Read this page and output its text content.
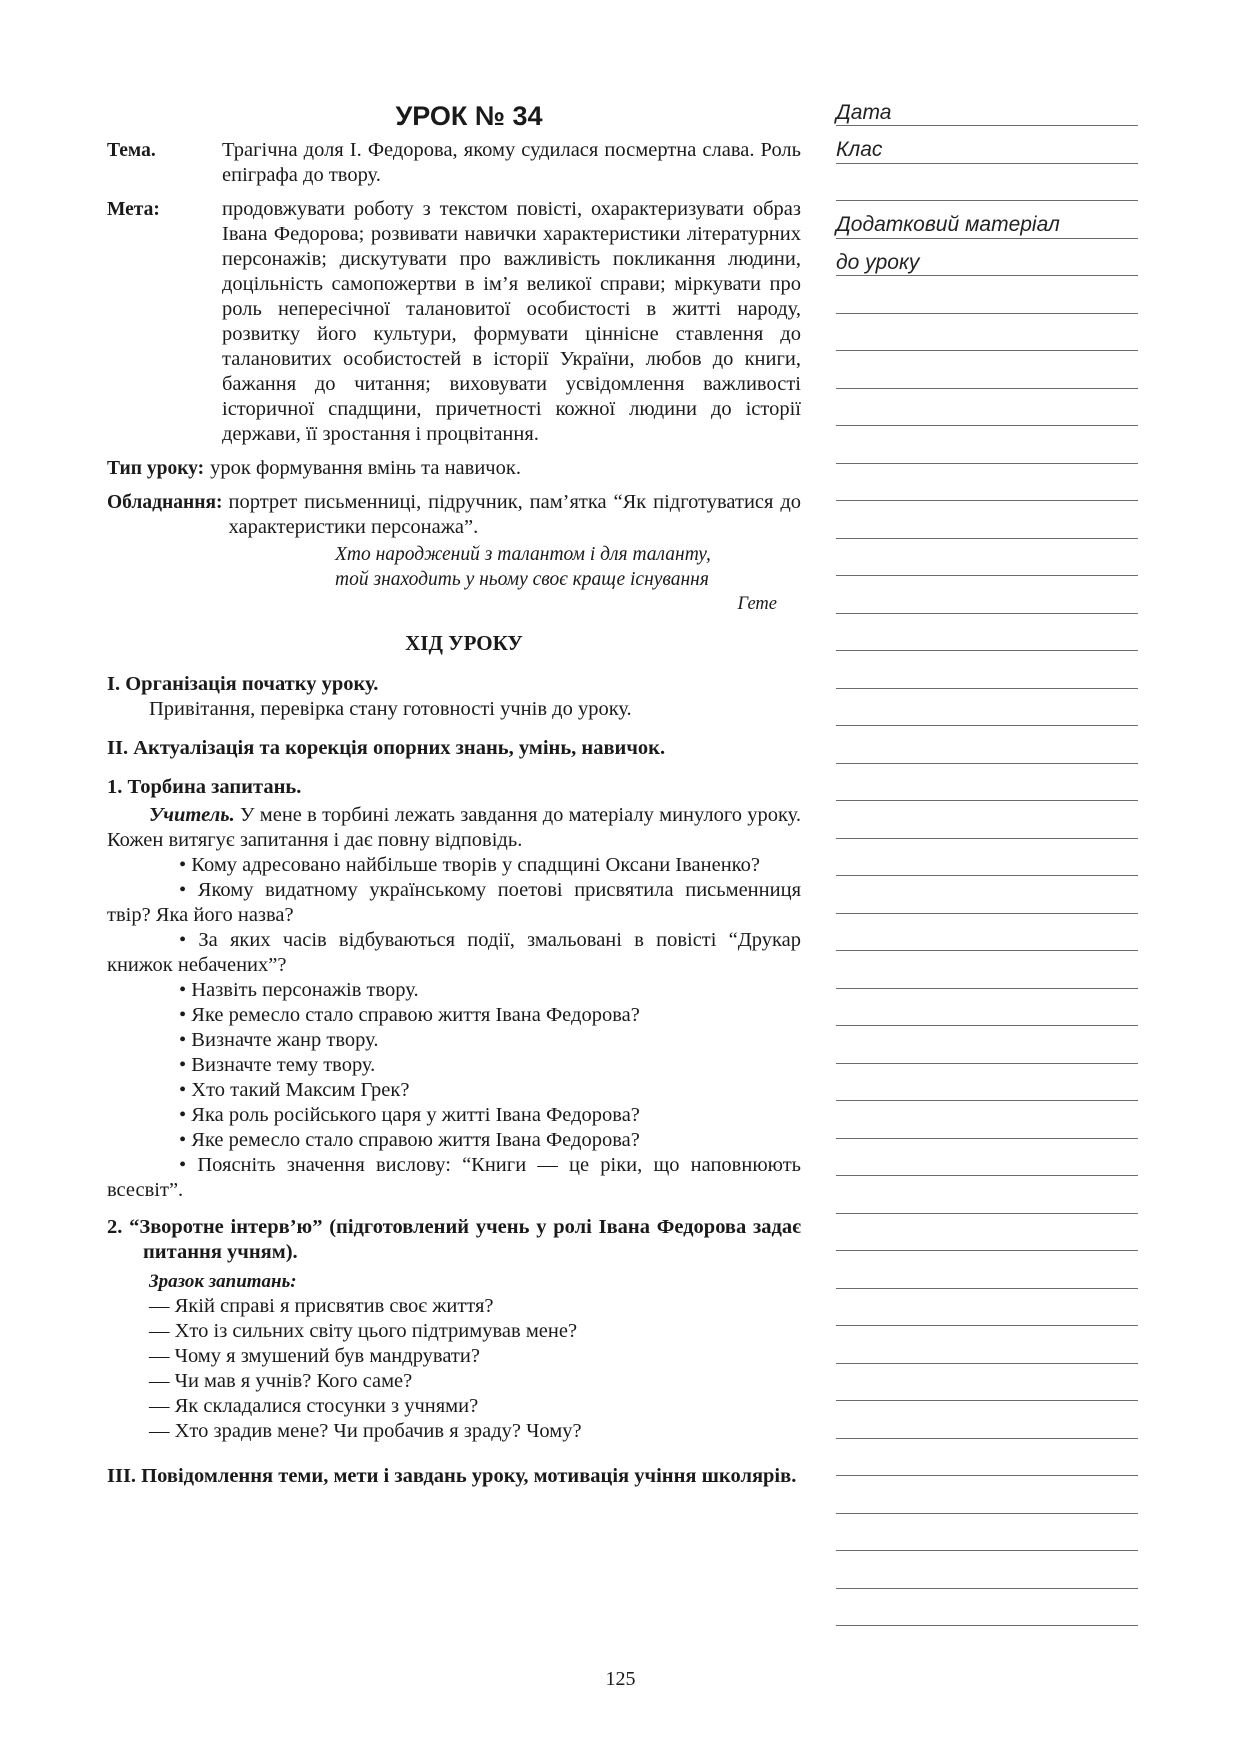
УРОК № 34
Тема.	Трагічна доля І. Федорова, якому судилася посмертна слава. Роль епіграфа до твору.
Мета:	продовжувати роботу з текстом повісті, охарактеризувати образ Івана Федорова; розвивати навички характеристики літературних персонажів; дискутувати про важливість покликання людини, доцільність самопожертви в ім’я великої справи; міркувати про роль непересічної талановитої особистості в житті народу, розвитку його культури, формувати ціннісне ставлення до талановитих особистостей в історії України, любов до книги, бажання до читання; виховувати усвідомлення важливості історичної спадщини, причетності кожної людини до історії держави, її зростання і процвітання.
Тип уроку: урок формування вмінь та навичок.
Обладнання: портрет письменниці, підручник, пам’ятка “Як підготуватися до характеристики персонажа”.
Хто народжений з талантом і для таланту,
той знаходить у ньому своє краще існування
Гете
ХІД УРОКУ

I. Організація початку уроку.

Привітання, перевірка стану готовності учнів до уроку.

II. Актуалізація та корекція опорних знань, умінь, навичок.

1. Торбина запитань.

Учитель. У мене в торбині лежать завдання до матеріалу минулого уроку. Кожен витягує запитання і дає повну відповідь.

• Кому адресовано найбільше творів у спадщині Оксани Іваненко?

• Якому видатному українському поетові присвятила письменниця твір? Яка його назва?

• За яких часів відбуваються події, змальовані в повісті “Друкар книжок небачених”?

• Назвіть персонажів твору.

• Яке ремесло стало справою життя Івана Федорова?

• Визначте жанр твору.

• Визначте тему твору.

• Хто такий Максим Грек?

• Яка роль російського царя у житті Івана Федорова?

• Яке ремесло стало справою життя Івана Федорова?

• Поясніть значення вислову: “Книги — це ріки, що наповнюють всесвіт”.

2. “Зворотне інтерв’ю” (підготовлений учень у ролі Івана Федорова задає питання учням).

Зразок запитань:

— Якій справі я присвятив своє життя?

— Хто із сильних світу цього підтримував мене?

— Чому я змушений був мандрувати?

— Чи мав я учнів? Кого саме?

— Як складалися стосунки з учнями?

— Хто зрадив мене? Чи пробачив я зраду? Чому?

III. Повідомлення теми, мети і завдань уроку, мотивація учіння школярів.

Дата
Клас
Додатковий матеріал
до уроку
125
